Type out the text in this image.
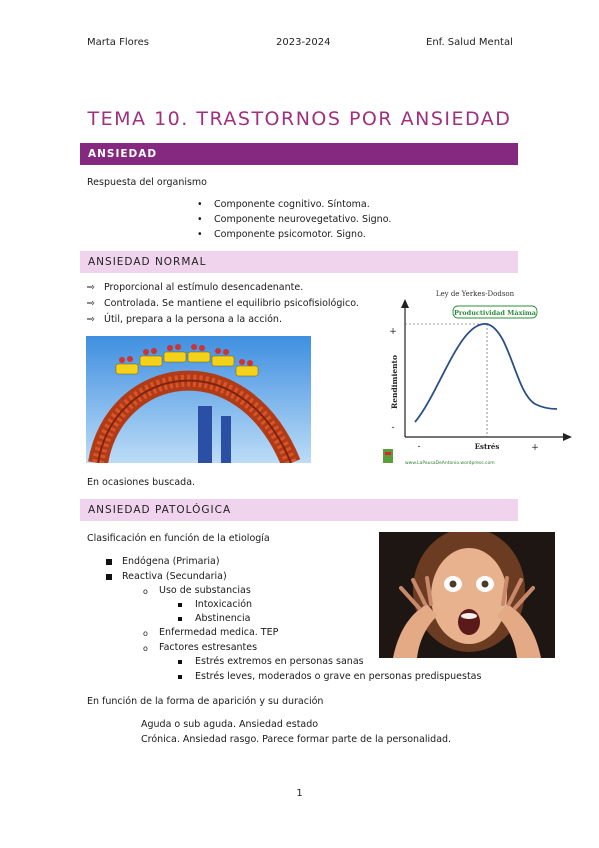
Marta Flores	2023-2024	Enf. Salud Mental
TEMA 10. TRASTORNOS POR ANSIEDAD
ANSIEDAD
Respuesta del organismo
• Componente cognitivo. Síntoma.
• Componente neurovegetativo. Signo.
• Componente psicomotor. Signo.
ANSIEDAD NORMAL
⇨ Proporcional al estímulo desencadenante.
⇨ Controlada. Se mantiene el equilibrio psicofisiológico.
⇨ Útil, prepara a la persona a la acción.
En ocasiones buscada.
Ley de Yerkes-Dodson
Productividad Máxima
+
-
Rendimiento
-	Estrés	+
www.LaPausaDeAntonio.wordpress.com
ANSIEDAD PATOLÓGICA
Clasificación en función de la etiología
Endógena (Primaria)
Reactiva (Secundaria)
o Uso de substancias
Intoxicación
Abstinencia
o Enfermedad medica. TEP
o Factores estresantes
Estrés extremos en personas sanas
Estrés leves, moderados o grave en personas predispuestas
En función de la forma de aparición y su duración
Aguda o sub aguda. Ansiedad estado
Crónica. Ansiedad rasgo. Parece formar parte de la personalidad.
1
